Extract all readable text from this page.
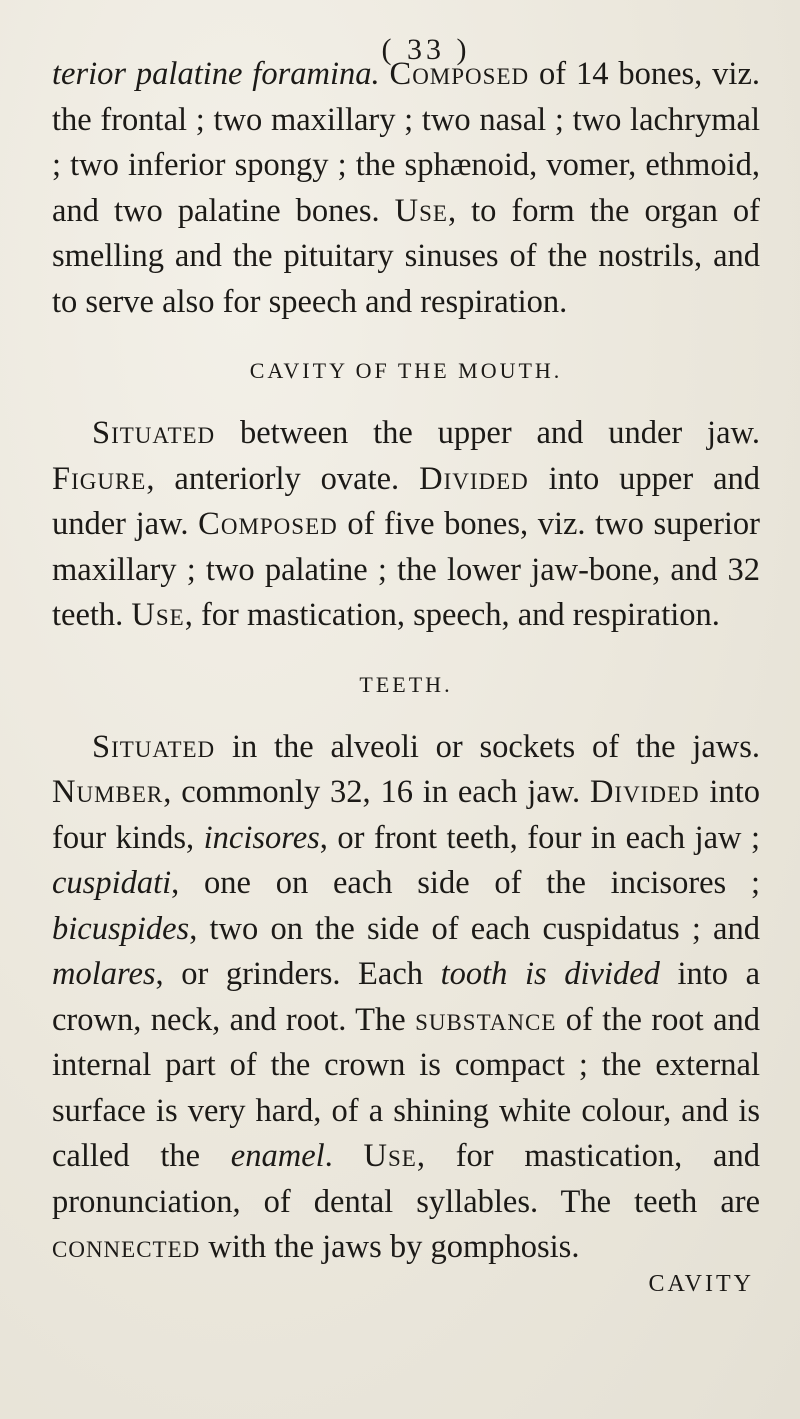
( 33 )

terior palatine foramina. Composed of 14 bones, viz. the frontal ; two maxillary ; two nasal ; two lachrymal ; two inferior spongy ; the sphænoid, vomer, ethmoid, and two palatine bones. Use, to form the organ of smelling and the pituitary sinuses of the nostrils, and to serve also for speech and respiration.

CAVITY OF THE MOUTH.

Situated between the upper and under jaw. Figure, anteriorly ovate. Divided into upper and under jaw. Composed of five bones, viz. two superior maxillary ; two palatine ; the lower jaw-bone, and 32 teeth. Use, for mastication, speech, and respiration.

TEETH.

Situated in the alveoli or sockets of the jaws. Number, commonly 32, 16 in each jaw. Divided into four kinds, incisores, or front teeth, four in each jaw ; cuspidati, one on each side of the incisores ; bicuspides, two on the side of each cuspidatus ; and molares, or grinders. Each tooth is divided into a crown, neck, and root. The substance of the root and internal part of the crown is compact ; the external surface is very hard, of a shining white colour, and is called the enamel. Use, for mastication, and pronunciation, of dental syllables. The teeth are connected with the jaws by gomphosis.

CAVITY
